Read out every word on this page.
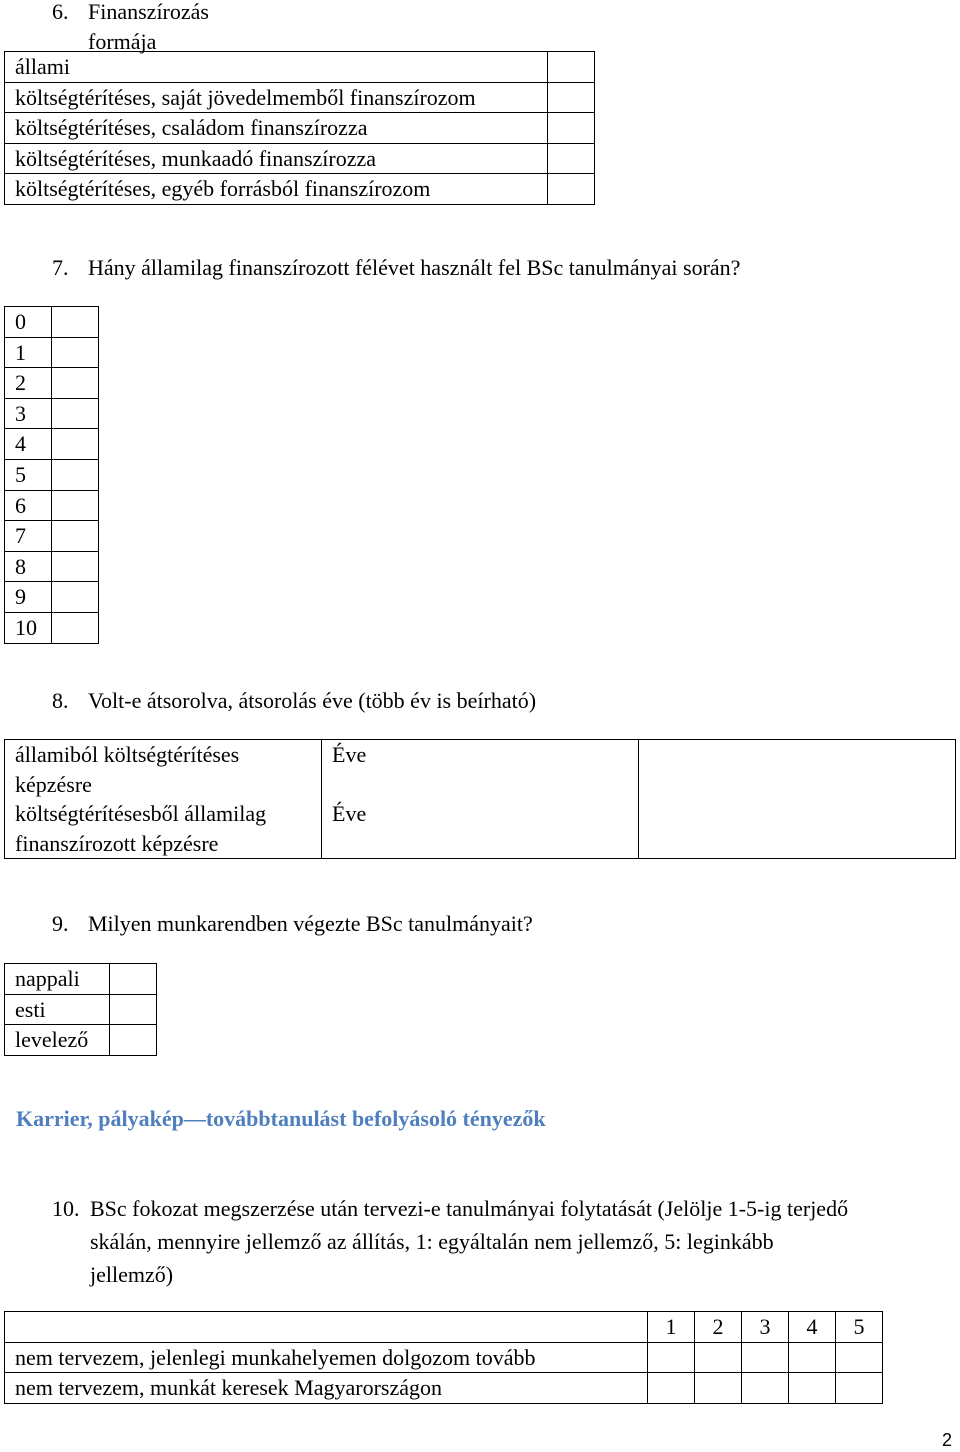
6. Finanszírozás formája
állami	
költségtérítéses, saját jövedelmemből finanszírozom	
költségtérítéses, családom finanszírozza	
költségtérítéses, munkaadó finanszírozza	
költségtérítéses, egyéb forrásból finanszírozom	
7. Hány államilag finanszírozott félévet használt fel BSc tanulmányai során?
0	
1	
2	
3	
4	
5	
6	
7	
8	
9	
10	
8. Volt-e átsorolva, átsorolás éve (több év is beírható)
államiból költségtérítéses
képzésre	Éve	

költségtérítésesből államilag
finanszírozott képzésre	Éve	
9. Milyen munkarendben végezte BSc tanulmányait?
nappali	
esti	
levelező	
Karrier, pályakép—továbbtanulást befolyásoló tényezők
10. BSc fokozat megszerzése után tervezi-e tanulmányai folytatását (Jelölje 1-5-ig terjedő
skálán, mennyire jellemző az állítás, 1: egyáltalán nem jellemző, 5: leginkább
jellemző)
	1	2	3	4	5
nem tervezem, jelenlegi munkahelyemen dolgozom tovább					
nem tervezem, munkát keresek Magyarországon					
2
